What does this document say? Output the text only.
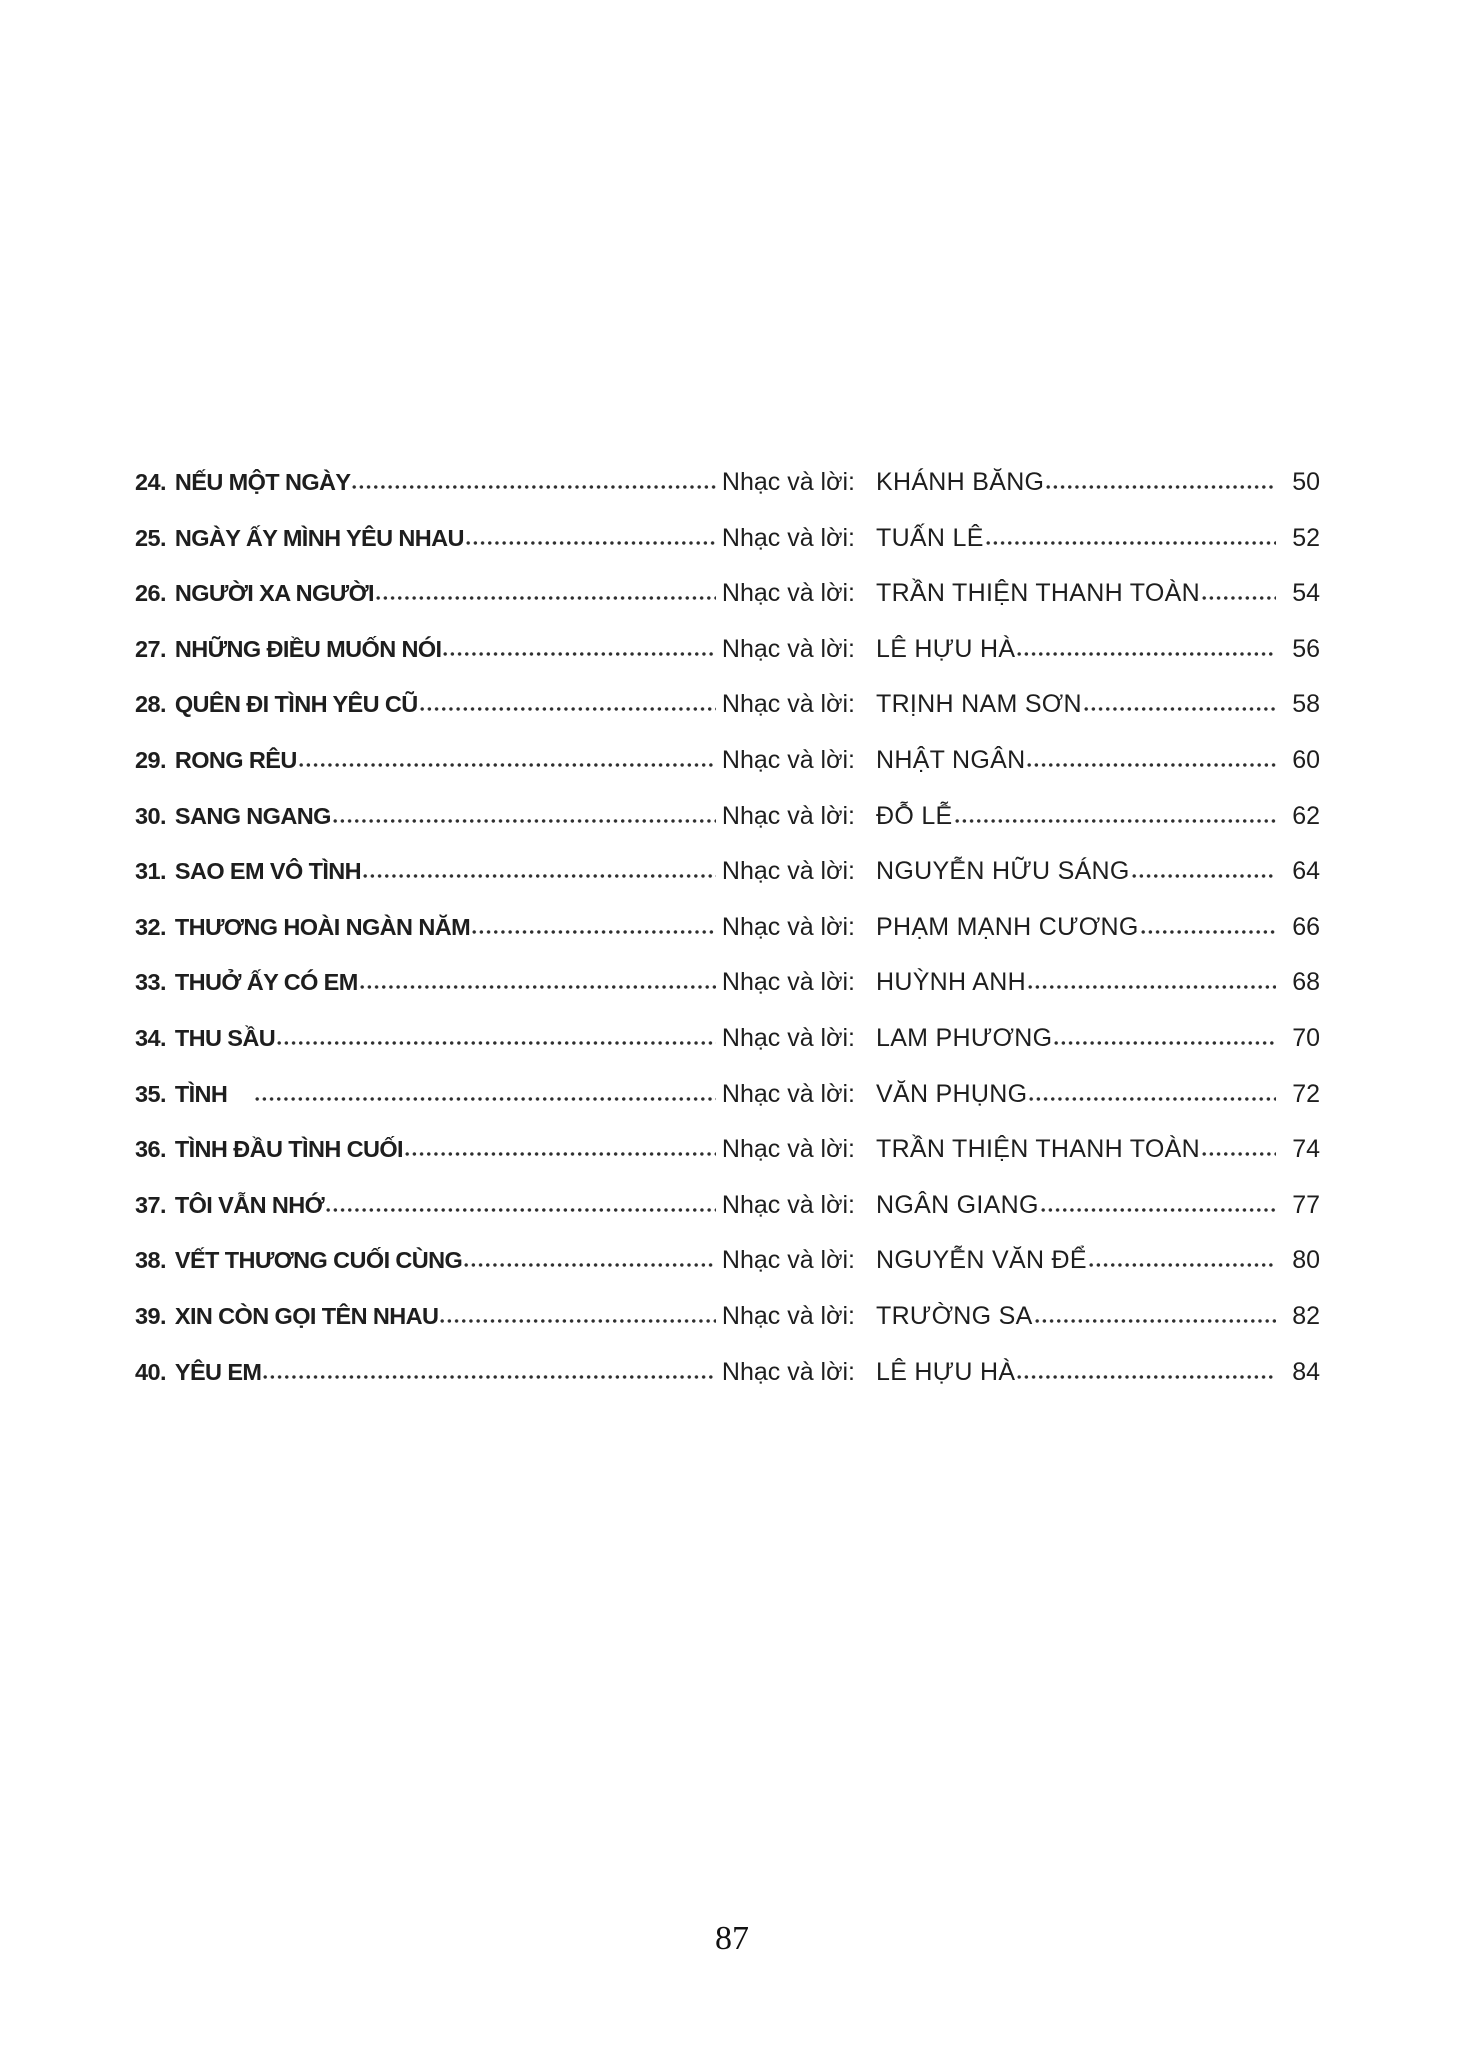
24. NẾU MỘT NGÀY	Nhạc và lời: KHÁNH BĂNG	50
25. NGÀY ẤY MÌNH YÊU NHAU	Nhạc và lời: TUẤN LÊ	52
26. NGƯỜI XA NGƯỜI	Nhạc và lời: TRẦN THIỆN THANH TOÀN	54
27. NHỮNG ĐIỀU MUỐN NÓI	Nhạc và lời: LÊ HỰU HÀ	56
28. QUÊN ĐI TÌNH YÊU CŨ	Nhạc và lời: TRỊNH NAM SƠN	58
29. RONG RÊU	Nhạc và lời: NHẬT NGÂN	60
30. SANG NGANG	Nhạc và lời: ĐỖ LỄ	62
31. SAO EM VÔ TÌNH	Nhạc và lời: NGUYỄN HỮU SÁNG	64
32. THƯƠNG HOÀI NGÀN NĂM	Nhạc và lời: PHẠM MẠNH CƯƠNG	66
33. THUỞ ẤY CÓ EM	Nhạc và lời: HUỲNH ANH	68
34. THU SẦU	Nhạc và lời: LAM PHƯƠNG	70
35. TÌNH	Nhạc và lời: VĂN PHỤNG	72
36. TÌNH ĐẦU TÌNH CUỐI	Nhạc và lời: TRẦN THIỆN THANH TOÀN	74
37. TÔI VẪN NHỚ	Nhạc và lời: NGÂN GIANG	77
38. VẾT THƯƠNG CUỐI CÙNG	Nhạc và lời: NGUYỄN VĂN ĐỂ	80
39. XIN CÒN GỌI TÊN NHAU	Nhạc và lời: TRƯỜNG SA	82
40. YÊU EM	Nhạc và lời: LÊ HỰU HÀ	84
87
